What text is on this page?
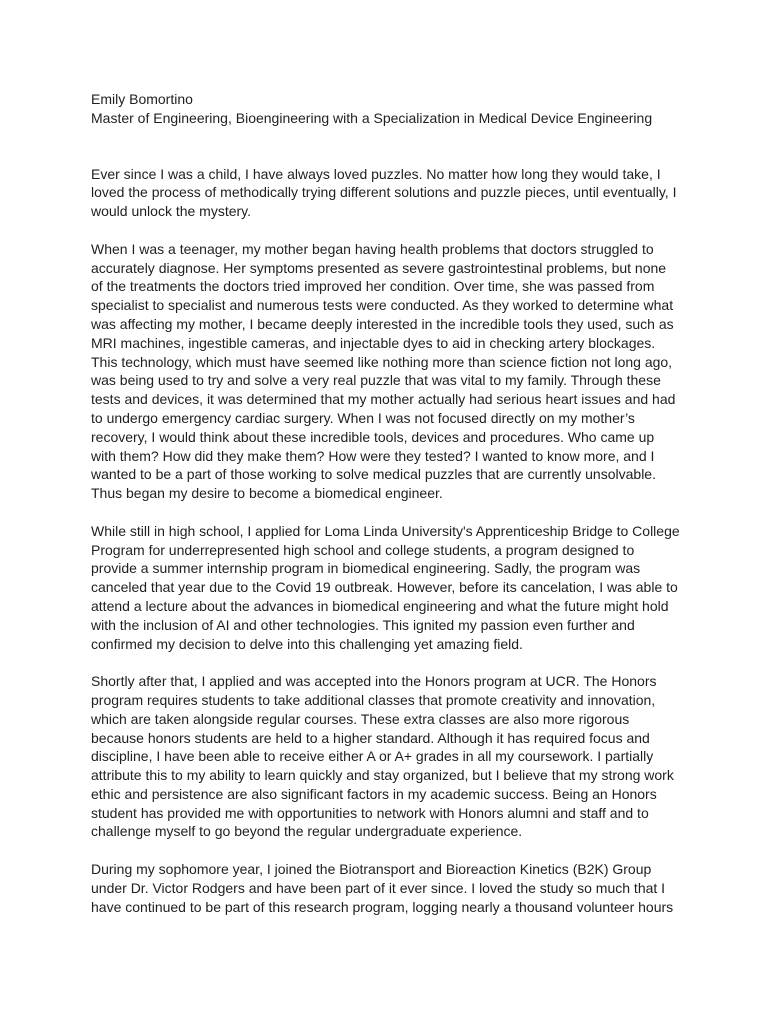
Emily Bomortino
Master of Engineering, Bioengineering with a Specialization in Medical Device Engineering

Ever since I was a child, I have always loved puzzles. No matter how long they would take, I loved the process of methodically trying different solutions and puzzle pieces, until eventually, I would unlock the mystery.

When I was a teenager, my mother began having health problems that doctors struggled to accurately diagnose. Her symptoms presented as severe gastrointestinal problems, but none of the treatments the doctors tried improved her condition. Over time, she was passed from specialist to specialist and numerous tests were conducted. As they worked to determine what was affecting my mother, I became deeply interested in the incredible tools they used, such as MRI machines, ingestible cameras, and injectable dyes to aid in checking artery blockages. This technology, which must have seemed like nothing more than science fiction not long ago, was being used to try and solve a very real puzzle that was vital to my family. Through these tests and devices, it was determined that my mother actually had serious heart issues and had to undergo emergency cardiac surgery. When I was not focused directly on my mother’s recovery, I would think about these incredible tools, devices and procedures. Who came up with them? How did they make them? How were they tested? I wanted to know more, and I wanted to be a part of those working to solve medical puzzles that are currently unsolvable. Thus began my desire to become a biomedical engineer.

While still in high school, I applied for Loma Linda University's Apprenticeship Bridge to College Program for underrepresented high school and college students, a program designed to provide a summer internship program in biomedical engineering. Sadly, the program was canceled that year due to the Covid 19 outbreak. However, before its cancelation, I was able to attend a lecture about the advances in biomedical engineering and what the future might hold with the inclusion of AI and other technologies. This ignited my passion even further and confirmed my decision to delve into this challenging yet amazing field.

Shortly after that, I applied and was accepted into the Honors program at UCR. The Honors program requires students to take additional classes that promote creativity and innovation, which are taken alongside regular courses. These extra classes are also more rigorous because honors students are held to a higher standard. Although it has required focus and discipline, I have been able to receive either A or A+ grades in all my coursework. I partially attribute this to my ability to learn quickly and stay organized, but I believe that my strong work ethic and persistence are also significant factors in my academic success. Being an Honors student has provided me with opportunities to network with Honors alumni and staff and to challenge myself to go beyond the regular undergraduate experience.

During my sophomore year, I joined the Biotransport and Bioreaction Kinetics (B2K) Group under Dr. Victor Rodgers and have been part of it ever since. I loved the study so much that I have continued to be part of this research program, logging nearly a thousand volunteer hours
